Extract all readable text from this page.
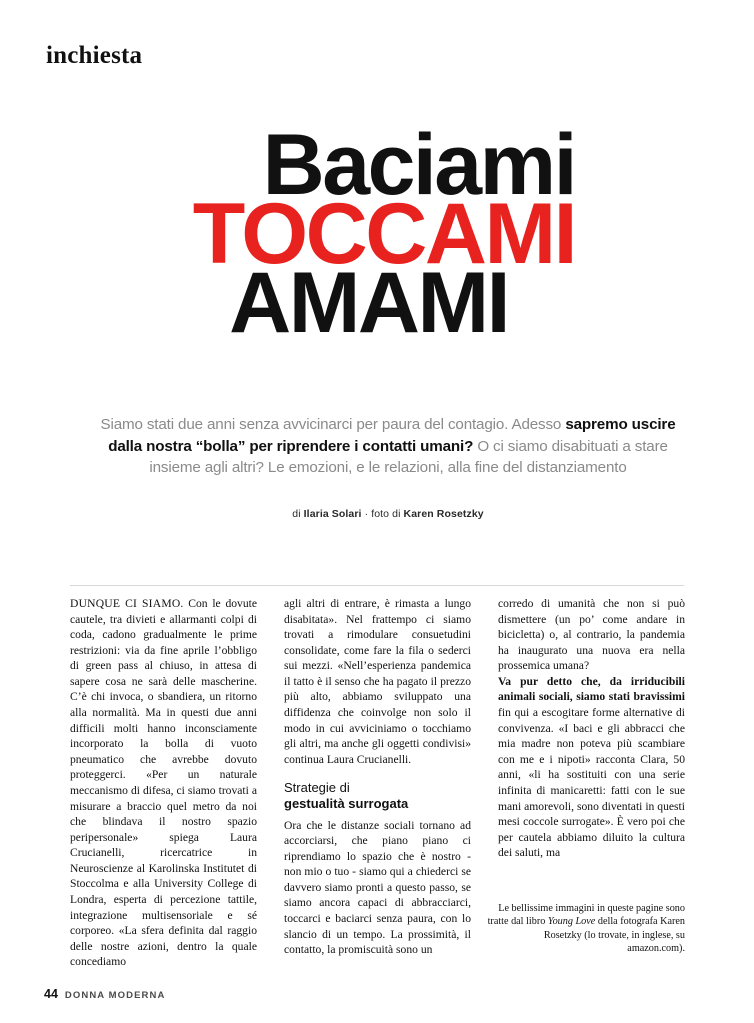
inchiesta
Baciami
TOCCAMI
AMAMI
Siamo stati due anni senza avvicinarci per paura del contagio. Adesso sapremo uscire dalla nostra “bolla” per riprendere i contatti umani? O ci siamo disabituati a stare insieme agli altri? Le emozioni, e le relazioni, alla fine del distanziamento
di Ilaria Solari · foto di Karen Rosetzky

DUNQUE CI SIAMO. Con le dovute cautele, tra divieti e allarmanti colpi di coda, cadono gradualmente le prime restrizioni: via da fine aprile l’obbligo di green pass al chiuso, in attesa di sapere cosa ne sarà delle mascherine. C’è chi invoca, o sbandiera, un ritorno alla normalità. Ma in questi due anni difficili molti hanno inconsciamente incorporato la bolla di vuoto pneumatico che avrebbe dovuto proteggerci. «Per un naturale meccanismo di difesa, ci siamo trovati a misurare a braccio quel metro da noi che blindava il nostro spazio peripersonale» spiega Laura Crucianelli, ricercatrice in Neuroscienze al Karolinska Institutet di Stoccolma e alla University College di Londra, esperta di percezione tattile, integrazione multisensoriale e sé corporeo. «La sfera definita dal raggio delle nostre azioni, dentro la quale concediamo

agli altri di entrare, è rimasta a lungo disabitata». Nel frattempo ci siamo trovati a rimodulare consuetudini consolidate, come fare la fila o sederci sui mezzi. «Nell’esperienza pandemica il tatto è il senso che ha pagato il prezzo più alto, abbiamo sviluppato una diffidenza che coinvolge non solo il modo in cui avviciniamo o tocchiamo gli altri, ma anche gli oggetti condivisi» continua Laura Crucianelli.

Strategie di
gestualità surrogata

Ora che le distanze sociali tornano ad accorciarsi, che piano piano ci riprendiamo lo spazio che è nostro - non mio o tuo - siamo qui a chiederci se davvero siamo pronti a questo passo, se siamo ancora capaci di abbracciarci, toccarci e baciarci senza paura, con lo slancio di un tempo. La prossimità, il contatto, la promiscuità sono un

corredo di umanità che non si può dismettere (un po’ come andare in bicicletta) o, al contrario, la pandemia ha inaugurato una nuova era nella prossemica umana?

Va pur detto che, da irriducibili animali sociali, siamo stati bravissimi fin qui a escogitare forme alternative di convivenza. «I baci e gli abbracci che mia madre non poteva più scambiare con me e i nipoti» racconta Clara, 50 anni, «li ha sostituiti con una serie infinita di manicaretti: fatti con le sue mani amorevoli, sono diventati in questi mesi coccole surrogate». È vero poi che per cautela abbiamo diluito la cultura dei saluti, ma

Le bellissime immagini in queste pagine sono tratte dal libro Young Love della fotografa Karen Rosetzky (lo trovate, in inglese, su amazon.com).
44 DONNA MODERNA
